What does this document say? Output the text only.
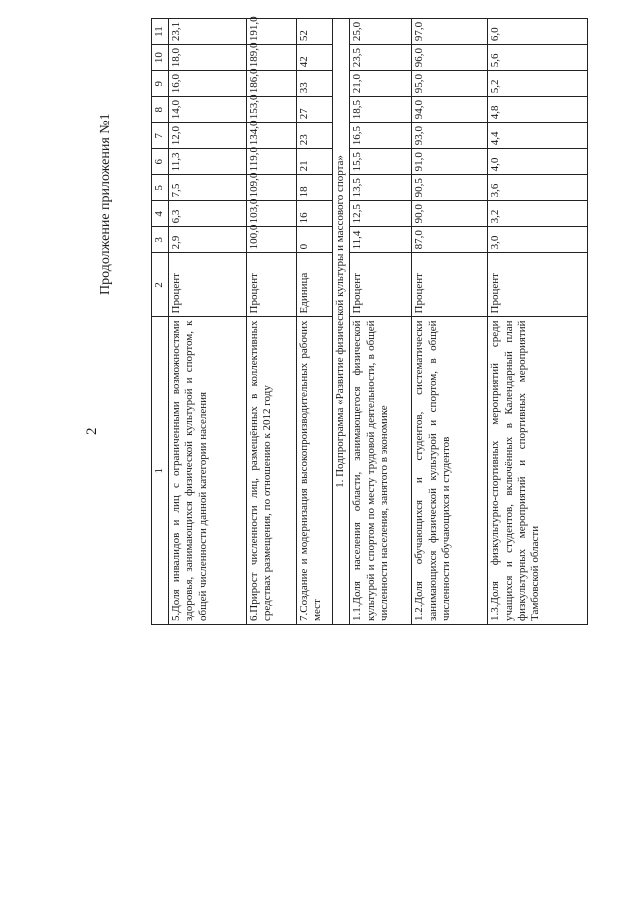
2
Продолжение приложения №1
1	2	3	4	5	6	7	8	9	10	11
5.Доля инвалидов и лиц с ограниченными возможностями здоровья, занимающихся физической культурой и спортом, к общей численности данной категории населения	Процент	2,9	6,3	7,5	11,3	12,0	14,0	16,0	18,0	23,1
6.Прирост численности лиц, размещённых в коллективных средствах размещения, по отношению к 2012 году	Процент	100,0	103,0	109,0	119,0	134,0	153,0	186,0	189,0	191,0
7.Создание и модернизация высокопроизводительных рабочих мест	Единица	0	16	18	21	23	27	33	42	52
1. Подпрограмма «Развитие физической культуры и массового спорта»										
1.1.Доля населения области, занимающегося физической культурой и спортом по месту трудовой деятельности, в общей численности населения, занятого в экономике	Процент	11,4	12,5	13,5	15,5	16,5	18,5	21,0	23,5	25,0
1.2.Доля обучающихся и студентов, систематически занимающихся физической культурой и спортом, в общей численности обучающихся и студентов	Процент	87,0	90,0	90,5	91,0	93,0	94,0	95,0	96,0	97,0
1.3.Доля физкультурно-спортивных мероприятий среди учащихся и студентов, включённых в Календарный план физкультурных мероприятий и спортивных мероприятий Тамбовской области	Процент	3,0	3,2	3,6	4,0	4,4	4,8	5,2	5,6	6,0
